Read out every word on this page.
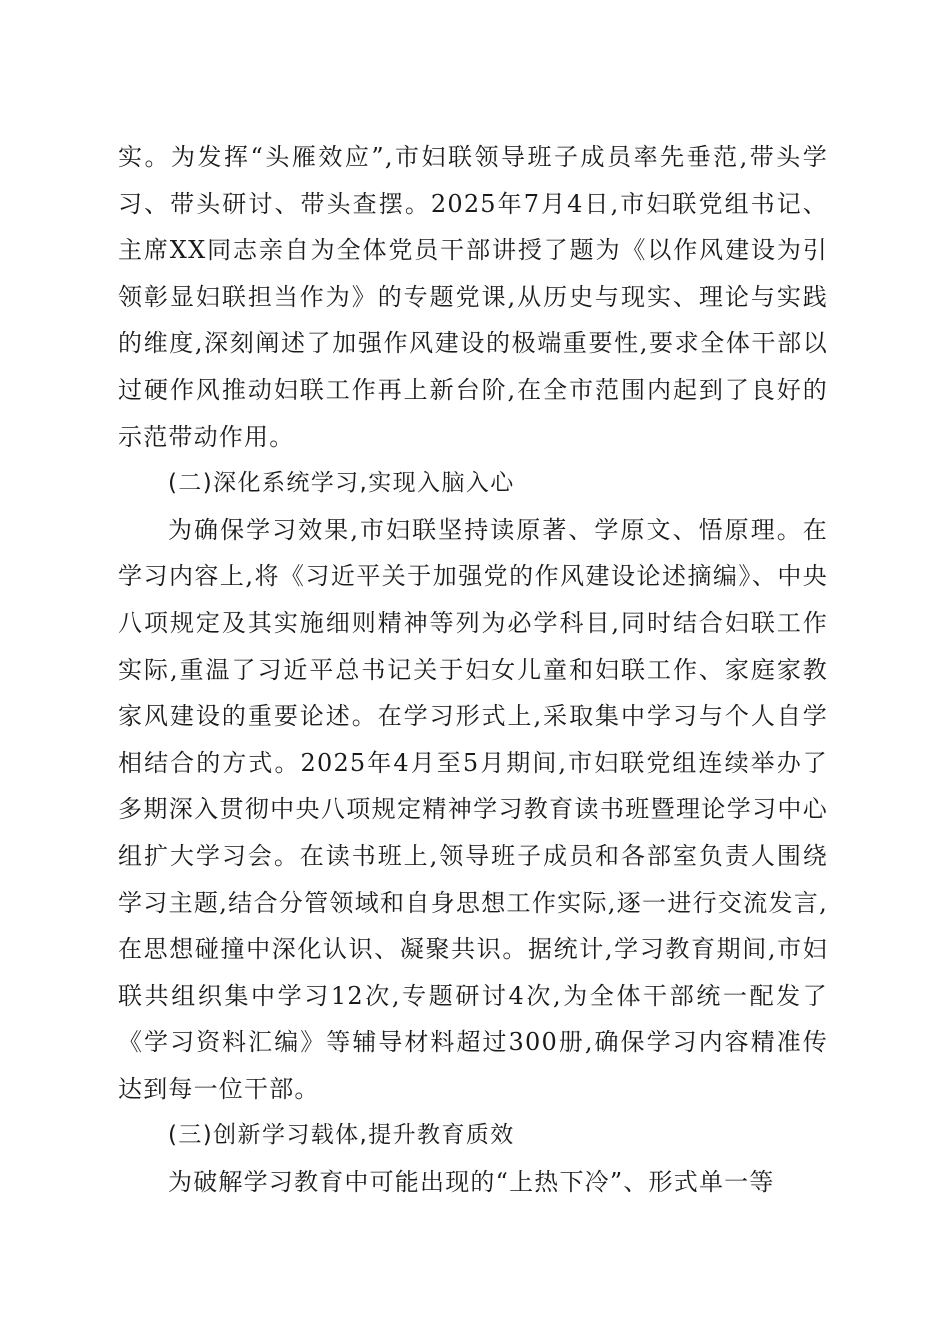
实。为发挥“头雁效应”,市妇联领导班子成员率先垂范,带头学习、带头研讨、带头查摆。2025年7月4日,市妇联党组书记、主席XX同志亲自为全体党员干部讲授了题为《以作风建设为引领彰显妇联担当作为》的专题党课,从历史与现实、理论与实践的维度,深刻阐述了加强作风建设的极端重要性,要求全体干部以过硬作风推动妇联工作再上新台阶,在全市范围内起到了良好的示范带动作用。

(二)深化系统学习,实现入脑入心

为确保学习效果,市妇联坚持读原著、学原文、悟原理。在学习内容上,将《习近平关于加强党的作风建设论述摘编》、中央八项规定及其实施细则精神等列为必学科目,同时结合妇联工作实际,重温了习近平总书记关于妇女儿童和妇联工作、家庭家教家风建设的重要论述。在学习形式上,采取集中学习与个人自学相结合的方式。2025年4月至5月期间,市妇联党组连续举办了多期深入贯彻中央八项规定精神学习教育读书班暨理论学习中心组扩大学习会。在读书班上,领导班子成员和各部室负责人围绕学习主题,结合分管领域和自身思想工作实际,逐一进行交流发言,在思想碰撞中深化认识、凝聚共识。据统计,学习教育期间,市妇联共组织集中学习12次,专题研讨4次,为全体干部统一配发了《学习资料汇编》等辅导材料超过300册,确保学习内容精准传达到每一位干部。

(三)创新学习载体,提升教育质效

为破解学习教育中可能出现的“上热下冷”、形式单一等
